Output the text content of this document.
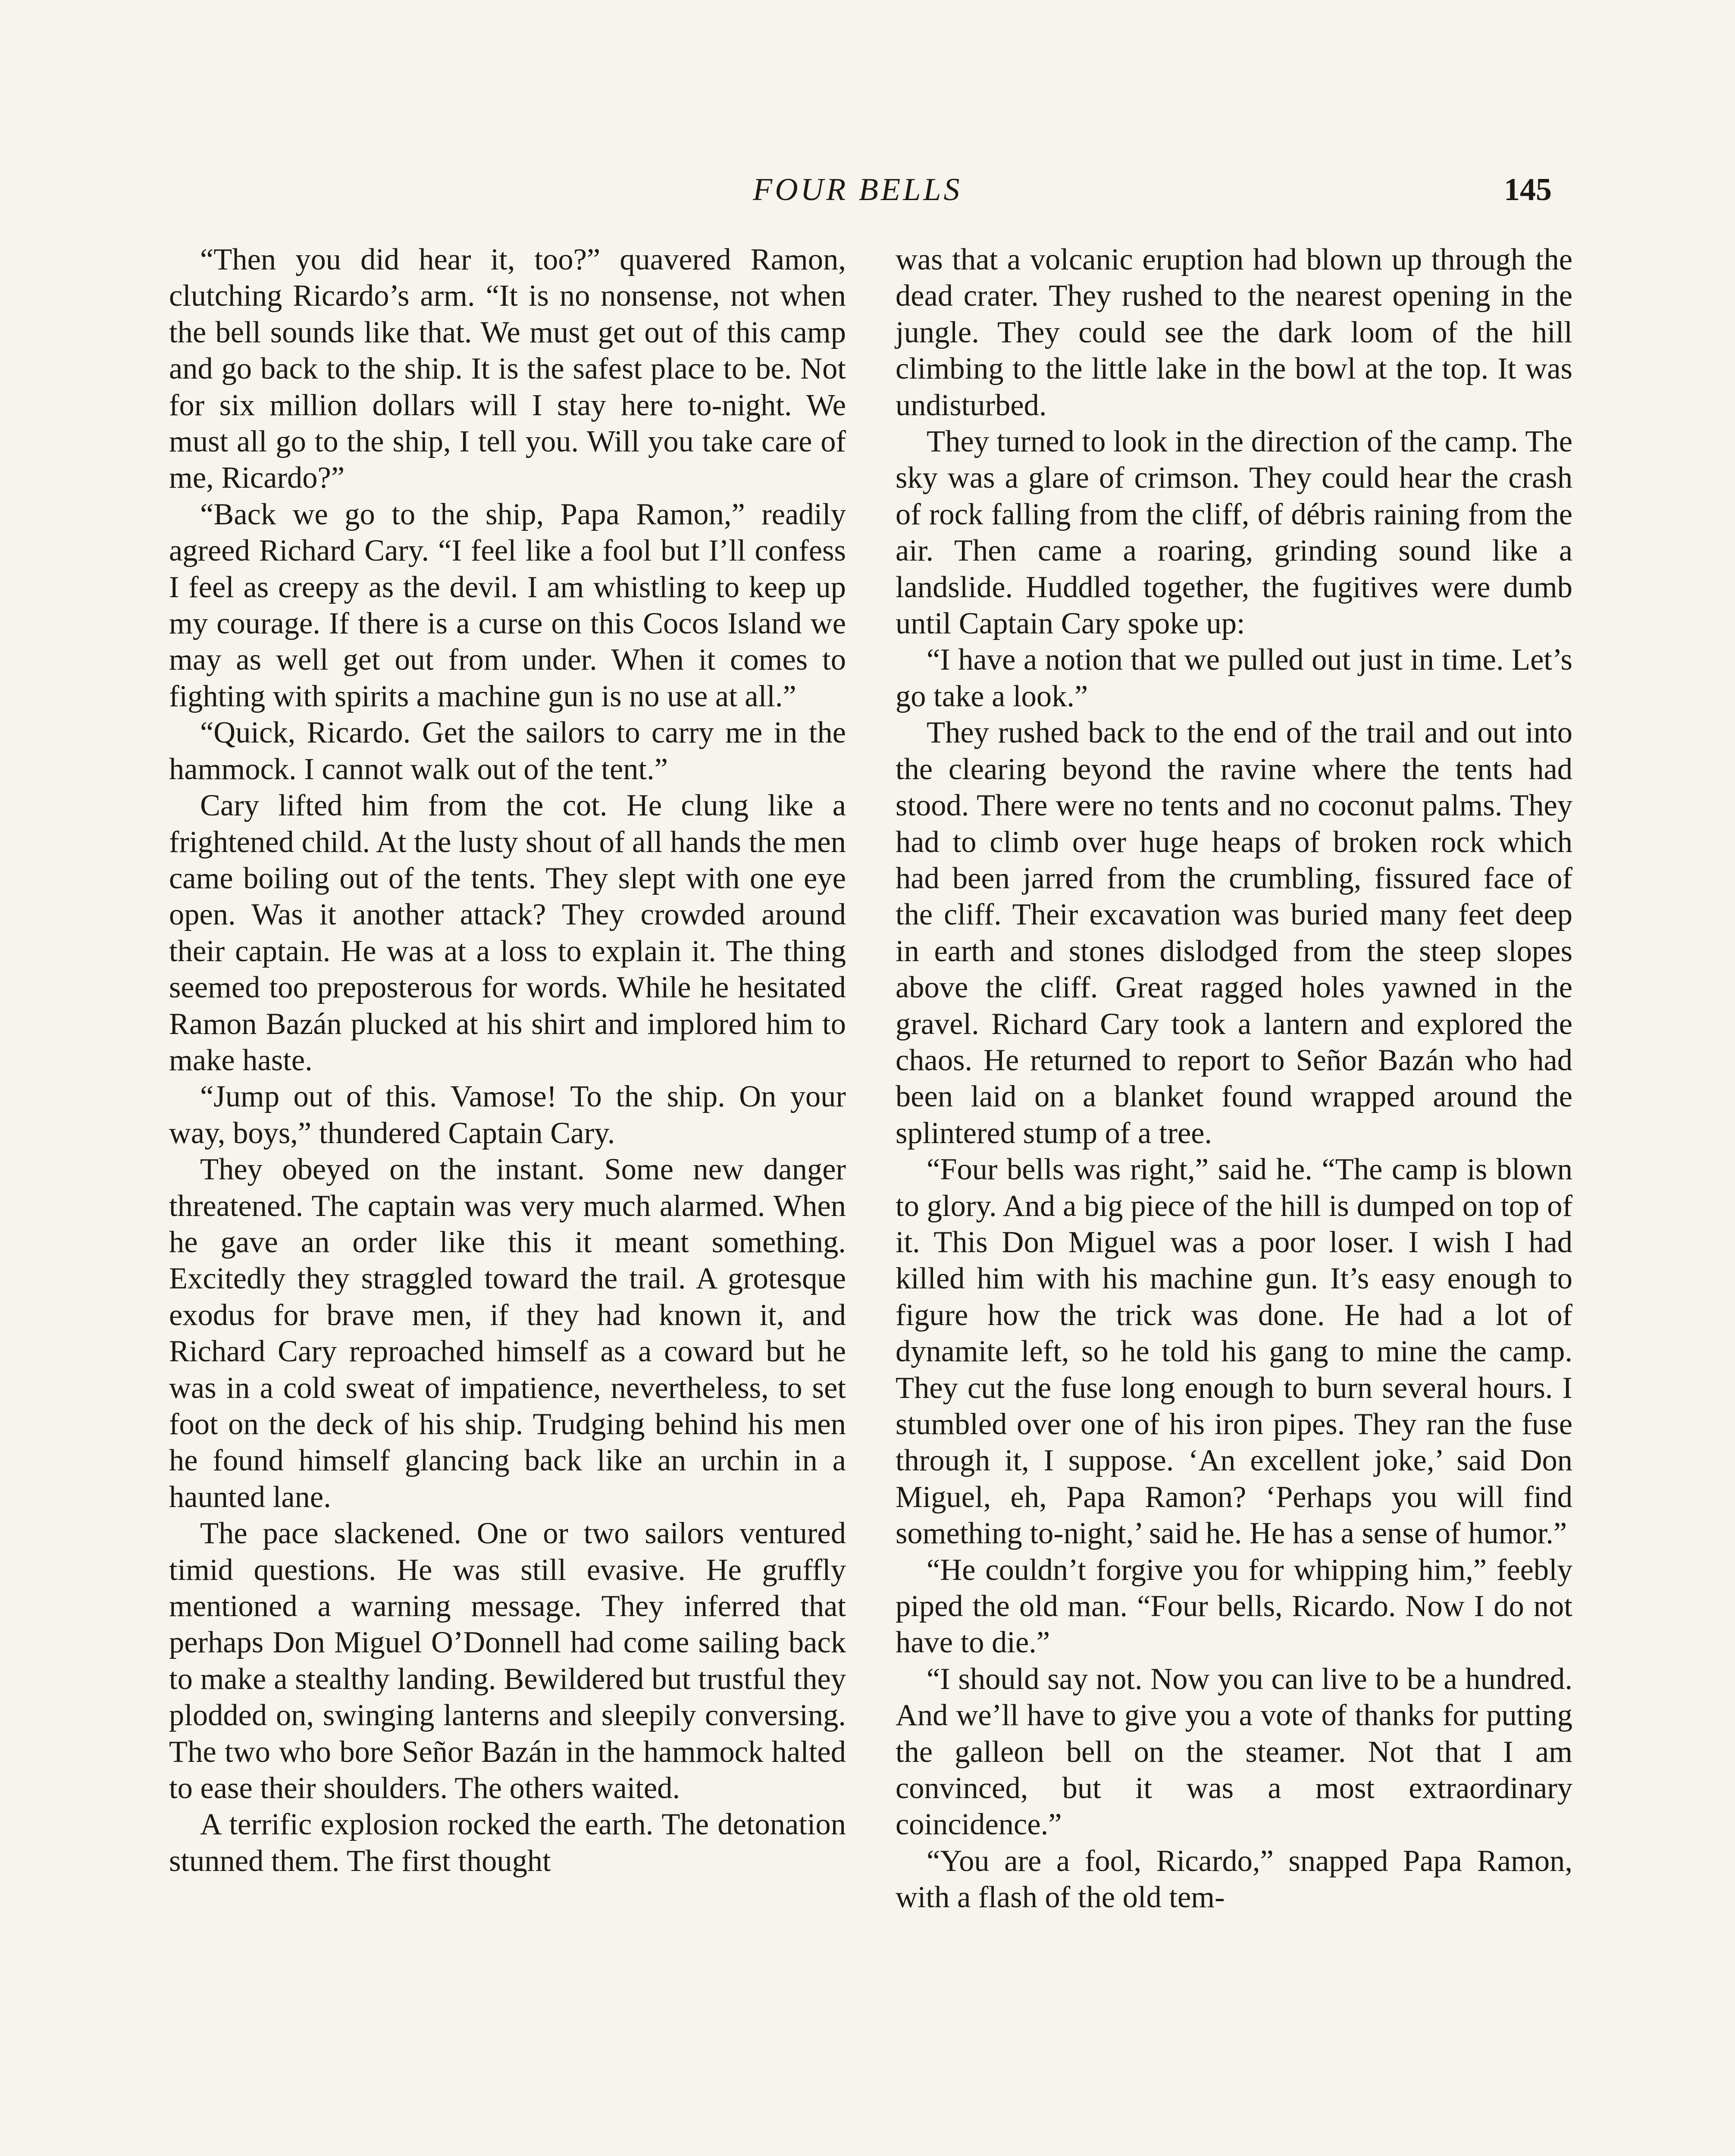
FOUR BELLS	145

“Then you did hear it, too?” quavered Ramon, clutching Ricardo’s arm. “It is no nonsense, not when the bell sounds like that. We must get out of this camp and go back to the ship. It is the safest place to be. Not for six million dollars will I stay here to-night. We must all go to the ship, I tell you. Will you take care of me, Ricardo?”

“Back we go to the ship, Papa Ramon,” readily agreed Richard Cary. “I feel like a fool but I’ll confess I feel as creepy as the devil. I am whistling to keep up my courage. If there is a curse on this Cocos Island we may as well get out from under. When it comes to fighting with spirits a machine gun is no use at all.”

“Quick, Ricardo. Get the sailors to carry me in the hammock. I cannot walk out of the tent.”

Cary lifted him from the cot. He clung like a frightened child. At the lusty shout of all hands the men came boiling out of the tents. They slept with one eye open. Was it another attack? They crowded around their captain. He was at a loss to explain it. The thing seemed too preposterous for words. While he hesitated Ramon Bazán plucked at his shirt and implored him to make haste.

“Jump out of this. Vamose! To the ship. On your way, boys,” thundered Captain Cary.

They obeyed on the instant. Some new danger threatened. The captain was very much alarmed. When he gave an order like this it meant something. Excitedly they straggled toward the trail. A grotesque exodus for brave men, if they had known it, and Richard Cary reproached himself as a coward but he was in a cold sweat of impatience, nevertheless, to set foot on the deck of his ship. Trudging behind his men he found himself glancing back like an urchin in a haunted lane.

The pace slackened. One or two sailors ventured timid questions. He was still evasive. He gruffly mentioned a warning message. They inferred that perhaps Don Miguel O’Donnell had come sailing back to make a stealthy landing. Bewildered but trustful they plodded on, swinging lanterns and sleepily conversing. The two who bore Señor Bazán in the hammock halted to ease their shoulders. The others waited.

A terrific explosion rocked the earth. The detonation stunned them. The first thought

was that a volcanic eruption had blown up through the dead crater. They rushed to the nearest opening in the jungle. They could see the dark loom of the hill climbing to the little lake in the bowl at the top. It was undisturbed.

They turned to look in the direction of the camp. The sky was a glare of crimson. They could hear the crash of rock falling from the cliff, of débris raining from the air. Then came a roaring, grinding sound like a landslide. Huddled together, the fugitives were dumb until Captain Cary spoke up:

“I have a notion that we pulled out just in time. Let’s go take a look.”

They rushed back to the end of the trail and out into the clearing beyond the ravine where the tents had stood. There were no tents and no coconut palms. They had to climb over huge heaps of broken rock which had been jarred from the crumbling, fissured face of the cliff. Their excavation was buried many feet deep in earth and stones dislodged from the steep slopes above the cliff. Great ragged holes yawned in the gravel. Richard Cary took a lantern and explored the chaos. He returned to report to Señor Bazán who had been laid on a blanket found wrapped around the splintered stump of a tree.

“Four bells was right,” said he. “The camp is blown to glory. And a big piece of the hill is dumped on top of it. This Don Miguel was a poor loser. I wish I had killed him with his machine gun. It’s easy enough to figure how the trick was done. He had a lot of dynamite left, so he told his gang to mine the camp. They cut the fuse long enough to burn several hours. I stumbled over one of his iron pipes. They ran the fuse through it, I suppose. ‘An excellent joke,’ said Don Miguel, eh, Papa Ramon? ‘Perhaps you will find something to-night,’ said he. He has a sense of humor.”

“He couldn’t forgive you for whipping him,” feebly piped the old man. “Four bells, Ricardo. Now I do not have to die.”

“I should say not. Now you can live to be a hundred. And we’ll have to give you a vote of thanks for putting the galleon bell on the steamer. Not that I am convinced, but it was a most extraordinary coincidence.”

“You are a fool, Ricardo,” snapped Papa Ramon, with a flash of the old tem-
